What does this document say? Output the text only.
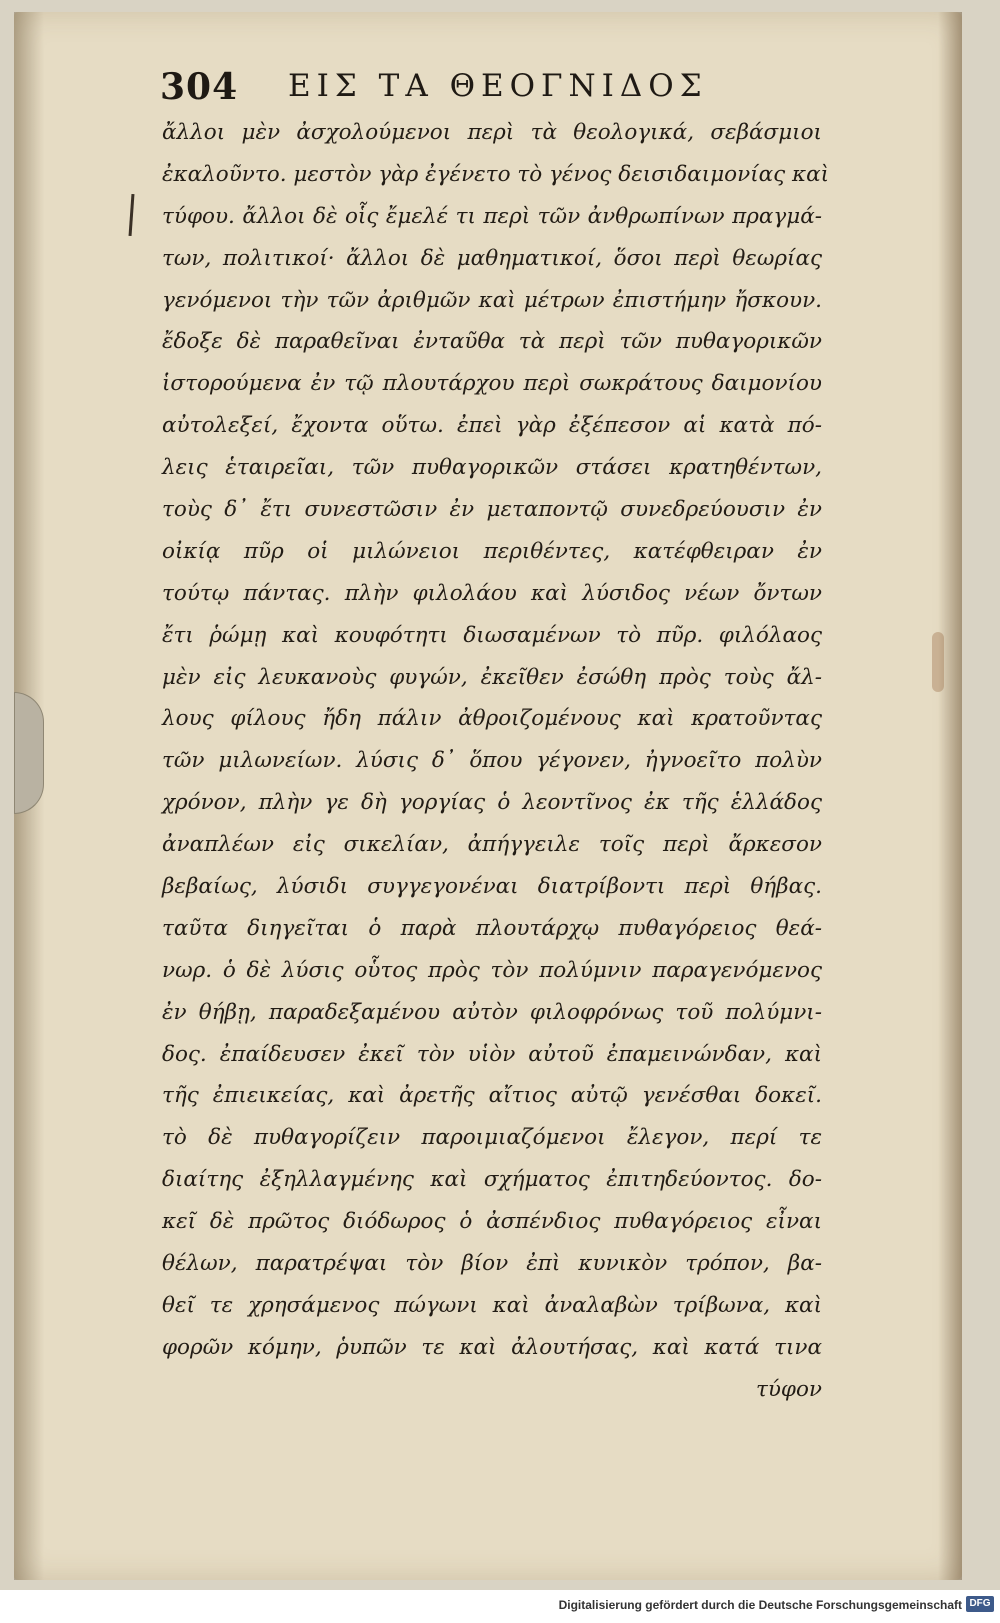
304 ΕΙΣ ΤΑ ΘΕΟΓΝΙΔΟΣ
ἄλλοι μὲν ἀσχολούμενοι περὶ τὰ θεολογικά, σεβάσμιοι
ἐκαλοῦντο. μεστὸν γὰρ ἐγένετο τὸ γένος δεισιδαιμονίας καὶ
τύφου. ἄλλοι δὲ οἷς ἔμελέ τι περὶ τῶν ἀνθρωπίνων πραγμά-
των, πολιτικοί· ἄλλοι δὲ μαθηματικοί, ὅσοι περὶ θεωρίας
γενόμενοι τὴν τῶν ἀριθμῶν καὶ μέτρων ἐπιστήμην ἤσκουν.
ἔδοξε δὲ παραθεῖναι ἐνταῦθα τὰ περὶ τῶν πυθαγορικῶν
ἱστορούμενα ἐν τῷ πλουτάρχου περὶ σωκράτους δαιμονίου
αὐτολεξεί, ἔχοντα οὕτω. ἐπεὶ γὰρ ἐξέπεσον αἱ κατὰ πό-
λεις ἑταιρεῖαι, τῶν πυθαγορικῶν στάσει κρατηθέντων,
τοὺς δ᾽ ἔτι συνεστῶσιν ἐν μεταποντῷ συνεδρεύουσιν ἐν
οἰκίᾳ πῦρ οἱ μιλώνειοι περιθέντες, κατέφθειραν ἐν
τούτῳ πάντας. πλὴν φιλολάου καὶ λύσιδος νέων ὄντων
ἔτι ῥώμῃ καὶ κουφότητι διωσαμένων τὸ πῦρ. φιλόλαος
μὲν εἰς λευκανοὺς φυγών, ἐκεῖθεν ἐσώθη πρὸς τοὺς ἄλ-
λους φίλους ἤδη πάλιν ἀθροιζομένους καὶ κρατοῦντας
τῶν μιλωνείων. λύσις δ᾽ ὅπου γέγονεν, ἠγνοεῖτο πολὺν
χρόνον, πλὴν γε δὴ γοργίας ὁ λεοντῖνος ἐκ τῆς ἑλλάδος
ἀναπλέων εἰς σικελίαν, ἀπήγγειλε τοῖς περὶ ἄρκεσον
βεβαίως, λύσιδι συγγεγονέναι διατρίβοντι περὶ θήβας.
ταῦτα διηγεῖται ὁ παρὰ πλουτάρχῳ πυθαγόρειος θεά-
νωρ. ὁ δὲ λύσις οὗτος πρὸς τὸν πολύμνιν παραγενόμενος
ἐν θήβῃ, παραδεξαμένου αὐτὸν φιλοφρόνως τοῦ πολύμνι-
δος. ἐπαίδευσεν ἐκεῖ τὸν υἱὸν αὐτοῦ ἐπαμεινώνδαν, καὶ
τῆς ἐπιεικείας, καὶ ἀρετῆς αἴτιος αὐτῷ γενέσθαι δοκεῖ.
τὸ δὲ πυθαγορίζειν παροιμιαζόμενοι ἔλεγον, περί τε
διαίτης ἐξηλλαγμένης καὶ σχήματος ἐπιτηδεύοντος. δο-
κεῖ δὲ πρῶτος διόδωρος ὁ ἀσπένδιος πυθαγόρειος εἶναι
θέλων, παρατρέψαι τὸν βίον ἐπὶ κυνικὸν τρόπον, βα-
θεῖ τε χρησάμενος πώγωνι καὶ ἀναλαβὼν τρίβωνα, καὶ
φορῶν κόμην, ῥυπῶν τε καὶ ἀλουτήσας, καὶ κατά τινα
τύφον
Digitalisierung gefördert durch die Deutsche Forschungsgemeinschaft DFG
